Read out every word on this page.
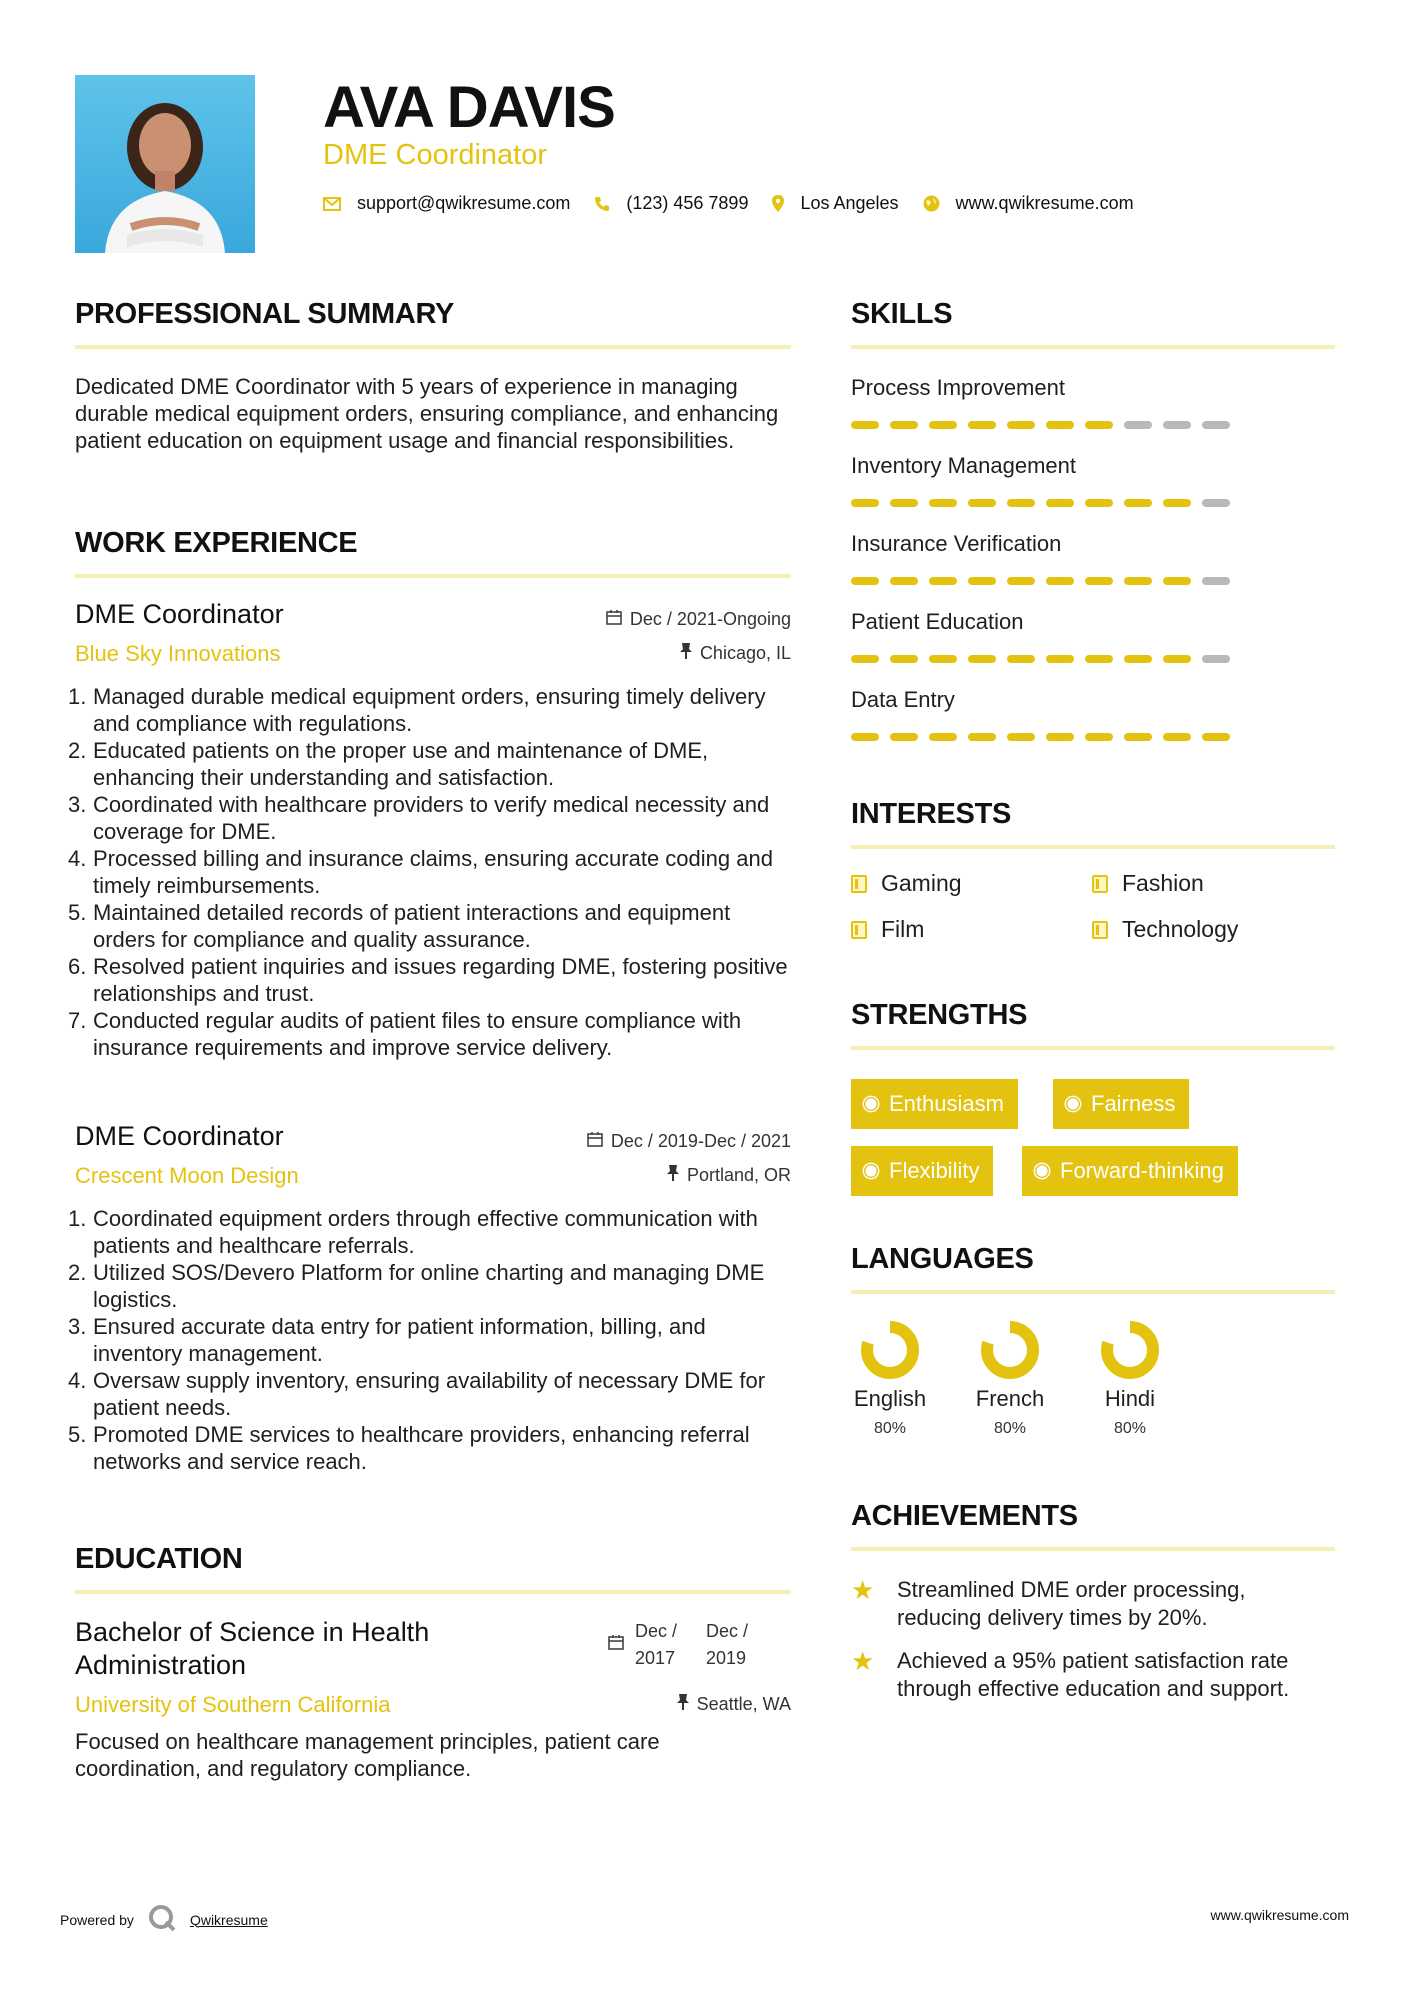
AVA DAVIS
DME Coordinator
support@qwikresume.com	(123) 456 7899	Los Angeles	www.qwikresume.com
PROFESSIONAL SUMMARY
Dedicated DME Coordinator with 5 years of experience in managing durable medical equipment orders, ensuring compliance, and enhancing patient education on equipment usage and financial responsibilities.
WORK EXPERIENCE
DME Coordinator
Blue Sky Innovations
Dec / 2021-Ongoing
Chicago, IL
1. Managed durable medical equipment orders, ensuring timely delivery and compliance with regulations.
2. Educated patients on the proper use and maintenance of DME, enhancing their understanding and satisfaction.
3. Coordinated with healthcare providers to verify medical necessity and coverage for DME.
4. Processed billing and insurance claims, ensuring accurate coding and timely reimbursements.
5. Maintained detailed records of patient interactions and equipment orders for compliance and quality assurance.
6. Resolved patient inquiries and issues regarding DME, fostering positive relationships and trust.
7. Conducted regular audits of patient files to ensure compliance with insurance requirements and improve service delivery.
DME Coordinator
Crescent Moon Design
Dec / 2019-Dec / 2021
Portland, OR
1. Coordinated equipment orders through effective communication with patients and healthcare referrals.
2. Utilized SOS/Devero Platform for online charting and managing DME logistics.
3. Ensured accurate data entry for patient information, billing, and inventory management.
4. Oversaw supply inventory, ensuring availability of necessary DME for patient needs.
5. Promoted DME services to healthcare providers, enhancing referral networks and service reach.
EDUCATION
Bachelor of Science in Health
Administration
Dec /
2017
Dec /
2019
University of Southern California	Seattle, WA
Focused on healthcare management principles, patient care coordination, and regulatory compliance.
SKILLS
Process Improvement
Inventory Management
Insurance Verification
Patient Education
Data Entry
INTERESTS
Gaming	Fashion
Film	Technology
STRENGTHS
Enthusiasm	Fairness
Flexibility	Forward-thinking
LANGUAGES
English
80%
French
80%
Hindi
80%
ACHIEVEMENTS
★	Streamlined DME order processing, reducing delivery times by 20%.
★	Achieved a 95% patient satisfaction rate through effective education and support.
Powered by	Qwikresume	www.qwikresume.com
